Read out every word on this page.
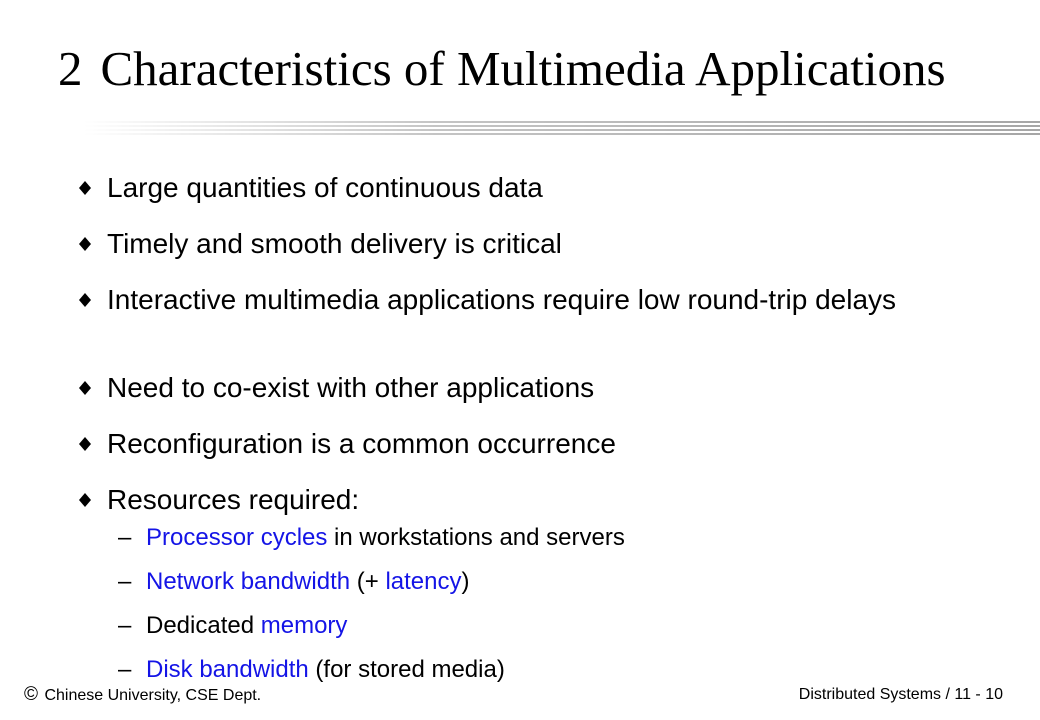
2 Characteristics of Multimedia Applications
Large quantities of continuous data
Timely and smooth delivery is critical
Interactive multimedia applications require low round-trip delays
Need to co-exist with other applications
Reconfiguration is a common occurrence
Resources required:
– Processor cycles in workstations and servers
– Network bandwidth (+ latency)
– Dedicated memory
– Disk bandwidth (for stored media)
© Chinese University, CSE Dept.	Distributed Systems / 11 - 10
